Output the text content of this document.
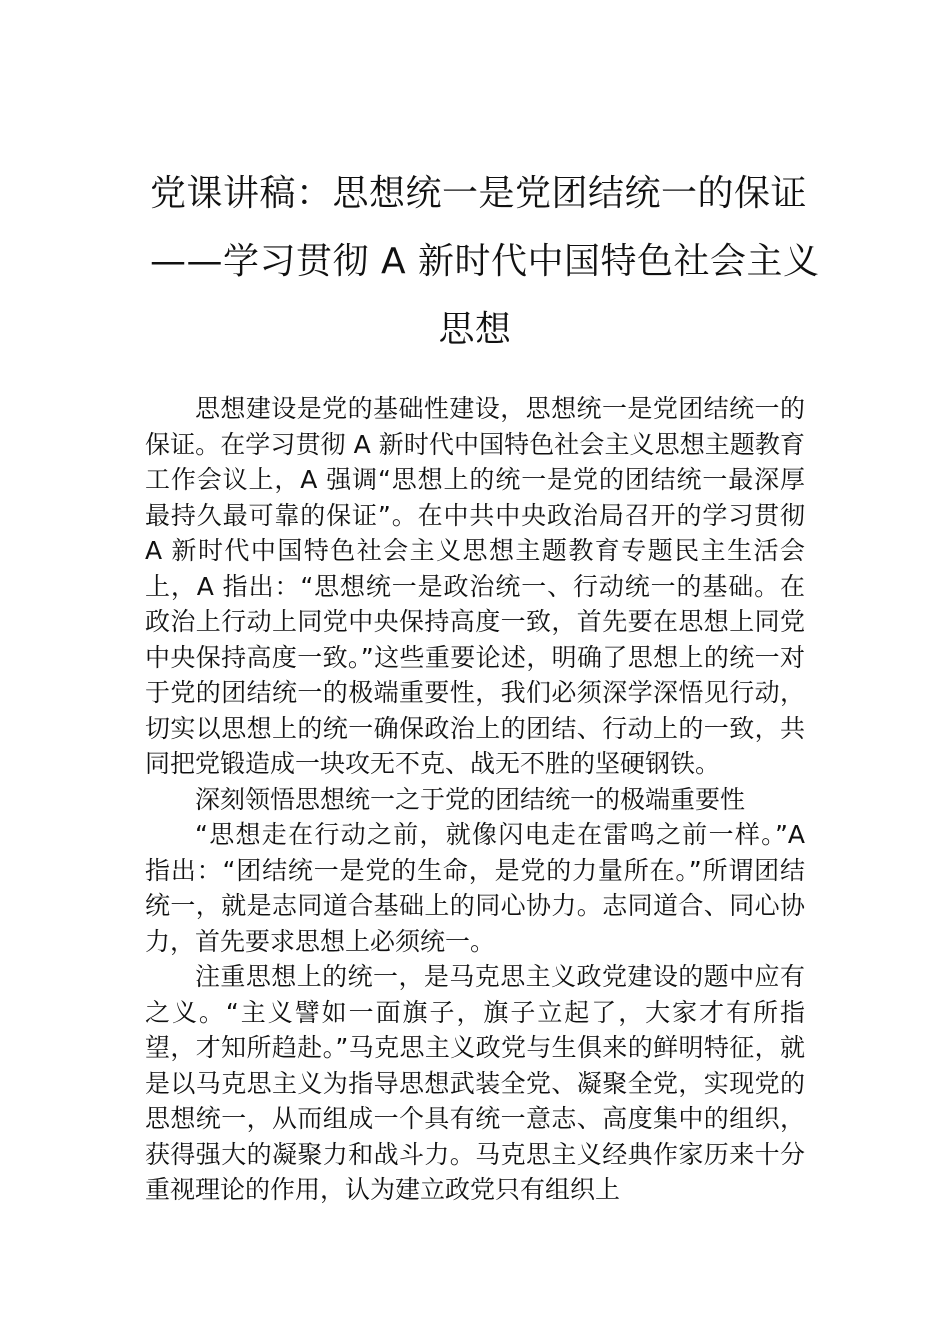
党课讲稿：思想统一是党团结统一的保证
——学习贯彻 A 新时代中国特色社会主义
思想

思想建设是党的基础性建设，思想统一是党团结统一的保证。在学习贯彻 A 新时代中国特色社会主义思想主题教育工作会议上，A 强调“思想上的统一是党的团结统一最深厚最持久最可靠的保证”。在中共中央政治局召开的学习贯彻 A 新时代中国特色社会主义思想主题教育专题民主生活会上，A 指出：“思想统一是政治统一、行动统一的基础。在政治上行动上同党中央保持高度一致，首先要在思想上同党中央保持高度一致。”这些重要论述，明确了思想上的统一对于党的团结统一的极端重要性，我们必须深学深悟见行动，切实以思想上的统一确保政治上的团结、行动上的一致，共同把党锻造成一块攻无不克、战无不胜的坚硬钢铁。

深刻领悟思想统一之于党的团结统一的极端重要性

“思想走在行动之前，就像闪电走在雷鸣之前一样。”A 指出：“团结统一是党的生命，是党的力量所在。”所谓团结统一，就是志同道合基础上的同心协力。志同道合、同心协力，首先要求思想上必须统一。

注重思想上的统一，是马克思主义政党建设的题中应有之义。“主义譬如一面旗子，旗子立起了，大家才有所指望，才知所趋赴。”马克思主义政党与生俱来的鲜明特征，就是以马克思主义为指导思想武装全党、凝聚全党，实现党的思想统一，从而组成一个具有统一意志、高度集中的组织，获得强大的凝聚力和战斗力。马克思主义经典作家历来十分重视理论的作用，认为建立政党只有组织上
